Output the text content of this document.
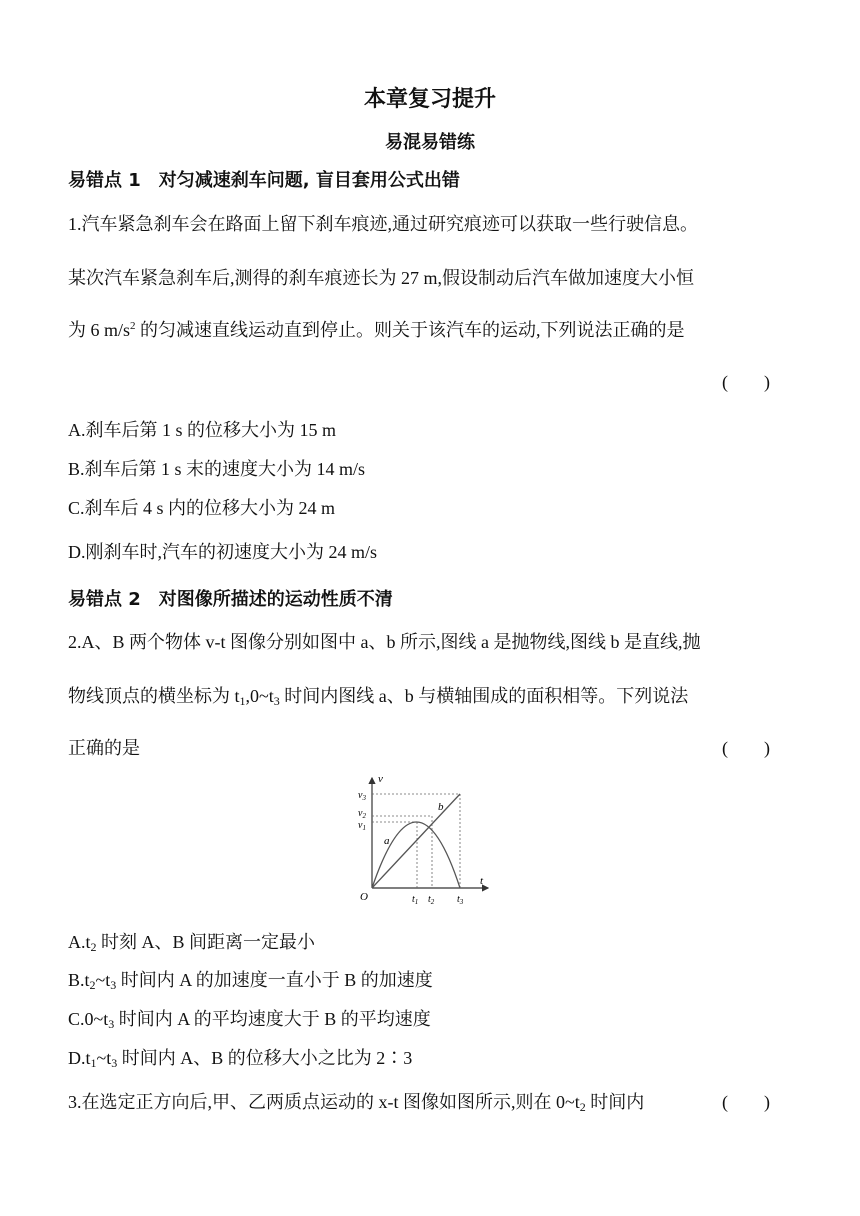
本章复习提升
易混易错练
易错点 1　对匀减速刹车问题, 盲目套用公式出错
1.汽车紧急刹车会在路面上留下刹车痕迹,通过研究痕迹可以获取一些行驶信息。
某次汽车紧急刹车后,测得的刹车痕迹长为 27 m,假设制动后汽车做加速度大小恒
为 6 $m/s^2$ 的匀减速直线运动直到停止。则关于该汽车的运动,下列说法正确的是
(　　)
A.刹车后第 1 s 的位移大小为 15 m
B.刹车后第 1 s 末的速度大小为 14 m/s
C.刹车后 4 s 内的位移大小为 24 m
D.刚刹车时,汽车的初速度大小为 24 m/s
易错点 2　对图像所描述的运动性质不清
2.A、B 两个物体 v-t 图像分别如图中 a、b 所示,图线 a 是抛物线,图线 b 是直线,抛
物线顶点的横坐标为 $t_1,0\sim t_3$ 时间内图线 a、b 与横轴围成的面积相等。下列说法
正确的是	(　　)
v
t
O
$v_3$
$v_2$
$v_1$
$t_1$ $t_2$ $t_3$
a
b
$A.t_2$ 时刻 A、B 间距离一定最小
$B.t_2\sim t_3$ 时间内 A 的加速度一直小于 B 的加速度
$C.0\sim t_3$ 时间内 A 的平均速度大于 B 的平均速度
$D.t_1\sim t_3$ 时间内 A、B 的位移大小之比为 2∶3
3.在选定正方向后,甲、乙两质点运动的 x-t 图像如图所示,则在 $0\sim t_2$ 时间内	(　　)
